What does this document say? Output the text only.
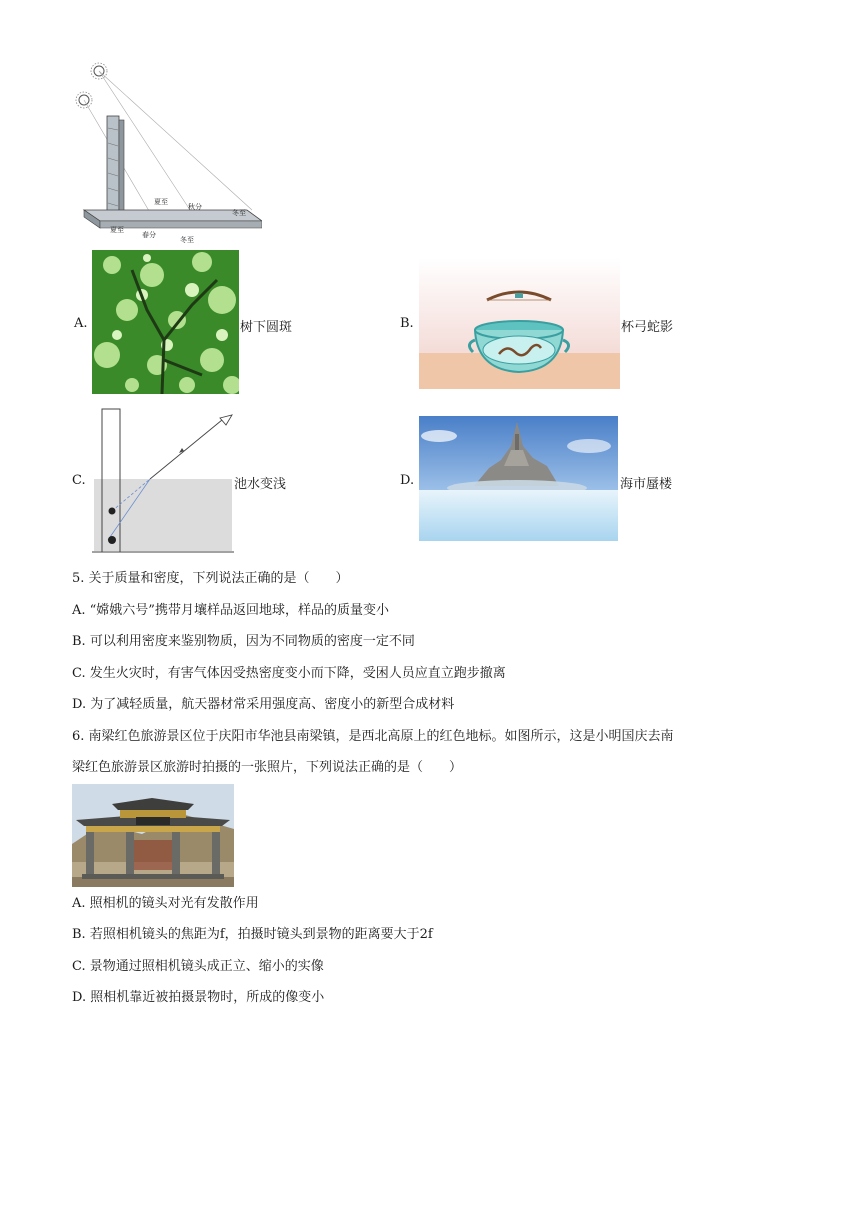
夏至
秋分
冬至
夏至
春分
冬至
A.	树下圆斑	B.	杯弓蛇影
C.	池水变浅	D.	海市蜃楼
5. 关于质量和密度，下列说法正确的是（　　）
A. “嫦娥六号”携带月壤样品返回地球，样品的质量变小
B. 可以利用密度来鉴别物质，因为不同物质的密度一定不同
C. 发生火灾时，有害气体因受热密度变小而下降，受困人员应直立跑步撤离
D. 为了减轻质量，航天器材常采用强度高、密度小的新型合成材料
6. 南梁红色旅游景区位于庆阳市华池县南梁镇，是西北高原上的红色地标。如图所示，这是小明国庆去南
梁红色旅游景区旅游时拍摄的一张照片，下列说法正确的是（　　）
A. 照相机的镜头对光有发散作用
B. 若照相机镜头的焦距为f，拍摄时镜头到景物的距离要大于2f
C. 景物通过照相机镜头成正立、缩小的实像
D. 照相机靠近被拍摄景物时，所成的像变小
